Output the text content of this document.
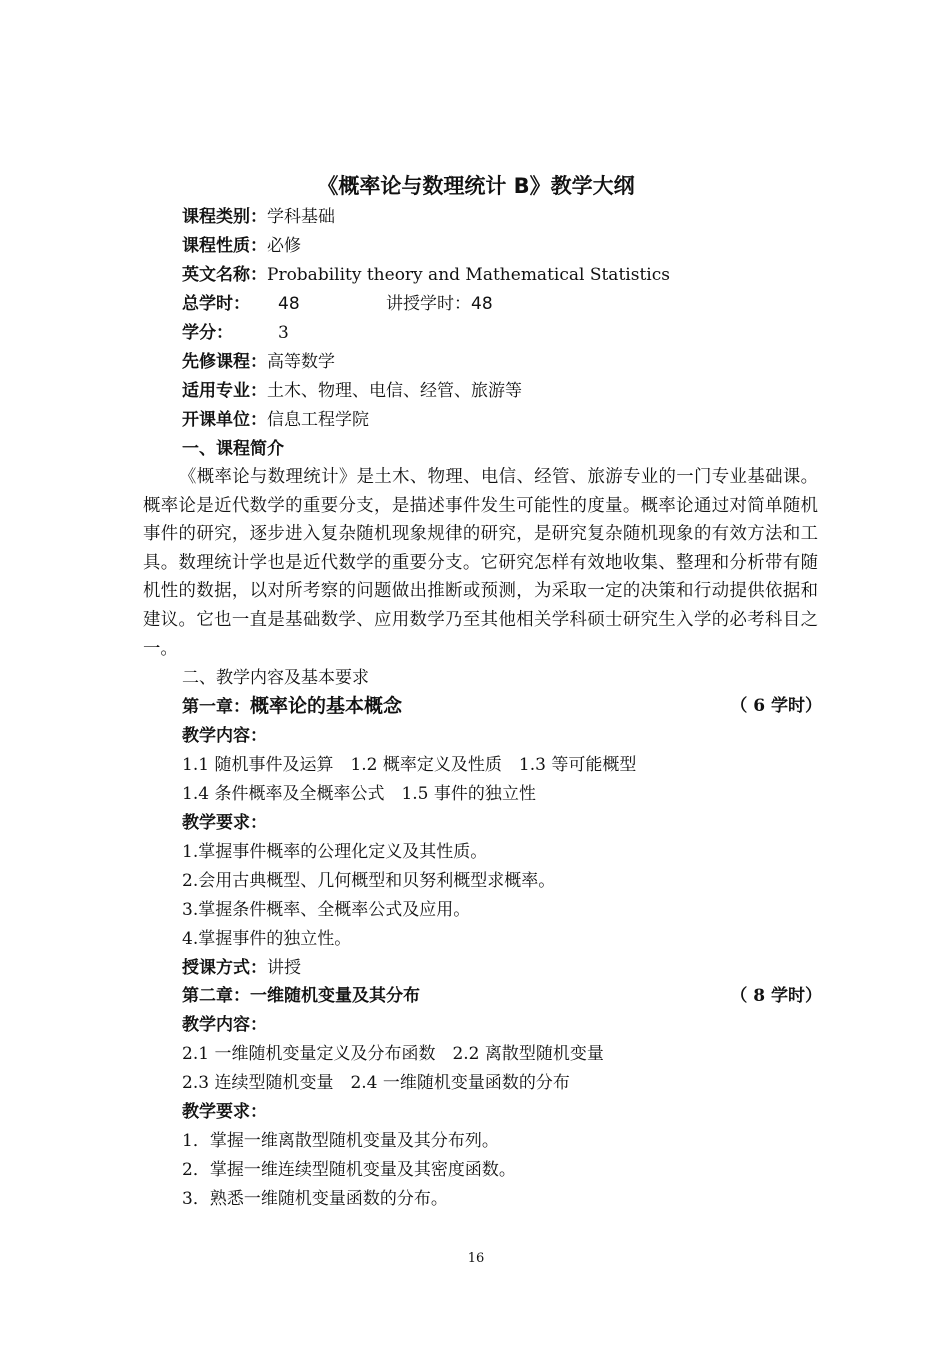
《概率论与数理统计 B》教学大纲
课程类别：学科基础
课程性质：必修
英文名称：Probability theory and Mathematical Statistics
总学时： 48	讲授学时：48
学分：	3
先修课程：高等数学
适用专业：土木、物理、电信、经管、旅游等
开课单位：信息工程学院
一、课程简介
《概率论与数理统计》是土木、物理、电信、经管、旅游专业的一门专业基础课。概率论是近代数学的重要分支，是描述事件发生可能性的度量。概率论通过对简单随机事件的研究，逐步进入复杂随机现象规律的研究，是研究复杂随机现象的有效方法和工具。数理统计学也是近代数学的重要分支。它研究怎样有效地收集、整理和分析带有随机性的数据，以对所考察的问题做出推断或预测，为采取一定的决策和行动提供依据和建议。它也一直是基础数学、应用数学乃至其他相关学科硕士研究生入学的必考科目之一。
二、教学内容及基本要求
第一章：概率论的基本概念	（ 6 学时）
教学内容：
1.1 随机事件及运算　1.2 概率定义及性质　1.3 等可能概型
1.4 条件概率及全概率公式　1.5 事件的独立性
教学要求：
1.掌握事件概率的公理化定义及其性质。
2.会用古典概型、几何概型和贝努利概型求概率。
3.掌握条件概率、全概率公式及应用。
4.掌握事件的独立性。
授课方式：讲授
第二章：一维随机变量及其分布	（ 8 学时）
教学内容：
2.1 一维随机变量定义及分布函数　2.2 离散型随机变量
2.3 连续型随机变量　2.4 一维随机变量函数的分布
教学要求：
1．掌握一维离散型随机变量及其分布列。
2．掌握一维连续型随机变量及其密度函数。
3．熟悉一维随机变量函数的分布。
16
